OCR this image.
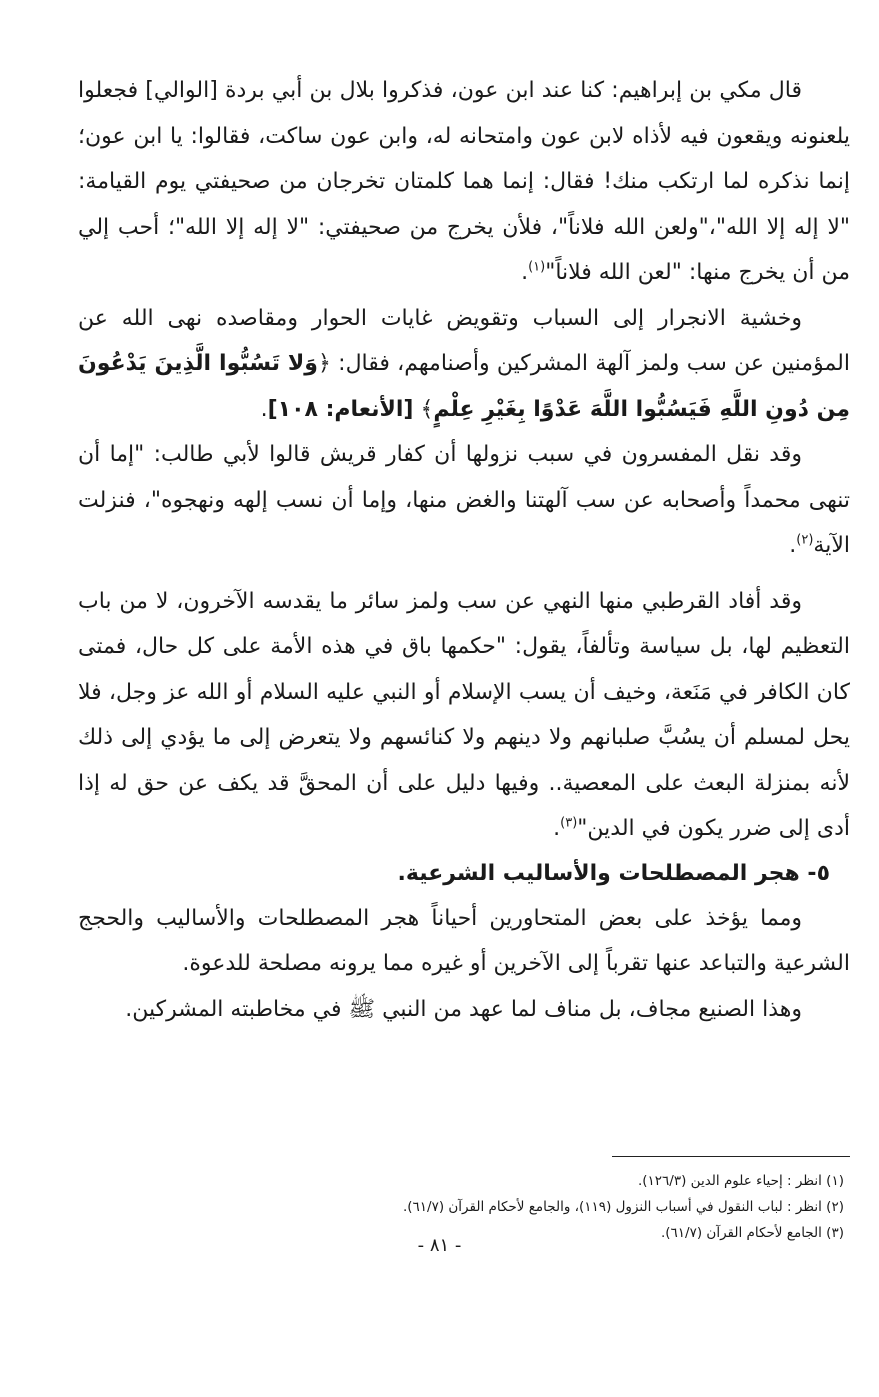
قال مكي بن إبراهيم: كنا عند ابن عون، فذكروا بلال بن أبي بردة [الوالي] فجعلوا يلعنونه ويقعون فيه لأذاه لابن عون وامتحانه له، وابن عون ساكت، فقالوا: يا ابن عون؛ إنما نذكره لما ارتكب منك! فقال: إنما هما كلمتان تخرجان من صحيفتي يوم القيامة: "لا إله إلا الله"،"ولعن الله فلاناً"، فلأن يخرج من صحيفتي: "لا إله إلا الله"؛ أحب إلي من أن يخرج منها: "لعن الله فلاناً"$^{(١)}$.

وخشية الانجرار إلى السباب وتقويض غايات الحوار ومقاصده نهى الله عن المؤمنين عن سب ولمز آلهة المشركين وأصنامهم، فقال: ﴿وَلا تَسُبُّوا الَّذِينَ يَدْعُونَ مِن دُونِ اللَّهِ فَيَسُبُّوا اللَّهَ عَدْوًا بِغَيْرِ عِلْمٍ﴾ [الأنعام: ١٠٨].

وقد نقل المفسرون في سبب نزولها أن كفار قريش قالوا لأبي طالب: "إما أن تنهى محمداً وأصحابه عن سب آلهتنا والغض منها، وإما أن نسب إلهه ونهجوه"، فنزلت الآية$^{(٢)}$.

وقد أفاد القرطبي منها النهي عن سب ولمز سائر ما يقدسه الآخرون، لا من باب التعظيم لها، بل سياسة وتألفاً، يقول: "حكمها باق في هذه الأمة على كل حال، فمتى كان الكافر في مَنَعة، وخيف أن يسب الإسلام أو النبي عليه السلام أو الله عز وجل، فلا يحل لمسلم أن يسُبَّ صلبانهم ولا دينهم ولا كنائسهم ولا يتعرض إلى ما يؤدي إلى ذلك لأنه بمنزلة البعث على المعصية.. وفيها دليل على أن المحقَّ قد يكف عن حق له إذا أدى إلى ضرر يكون في الدين"$^{(٣)}$.

٥- هجر المصطلحات والأساليب الشرعية.

ومما يؤخذ على بعض المتحاورين أحياناً هجر المصطلحات والأساليب والحجج الشرعية والتباعد عنها تقرباً إلى الآخرين أو غيره مما يرونه مصلحة للدعوة.

وهذا الصنيع مجاف، بل مناف لما عهد من النبي ﷺ في مخاطبته المشركين.

(١) انظر : إحياء علوم الدين (١٢٦/٣).

(٢) انظر : لباب النقول في أسباب النزول (١١٩)، والجامع لأحكام القرآن (٦١/٧).

(٣) الجامع لأحكام القرآن (٦١/٧).

- ٨١ -
